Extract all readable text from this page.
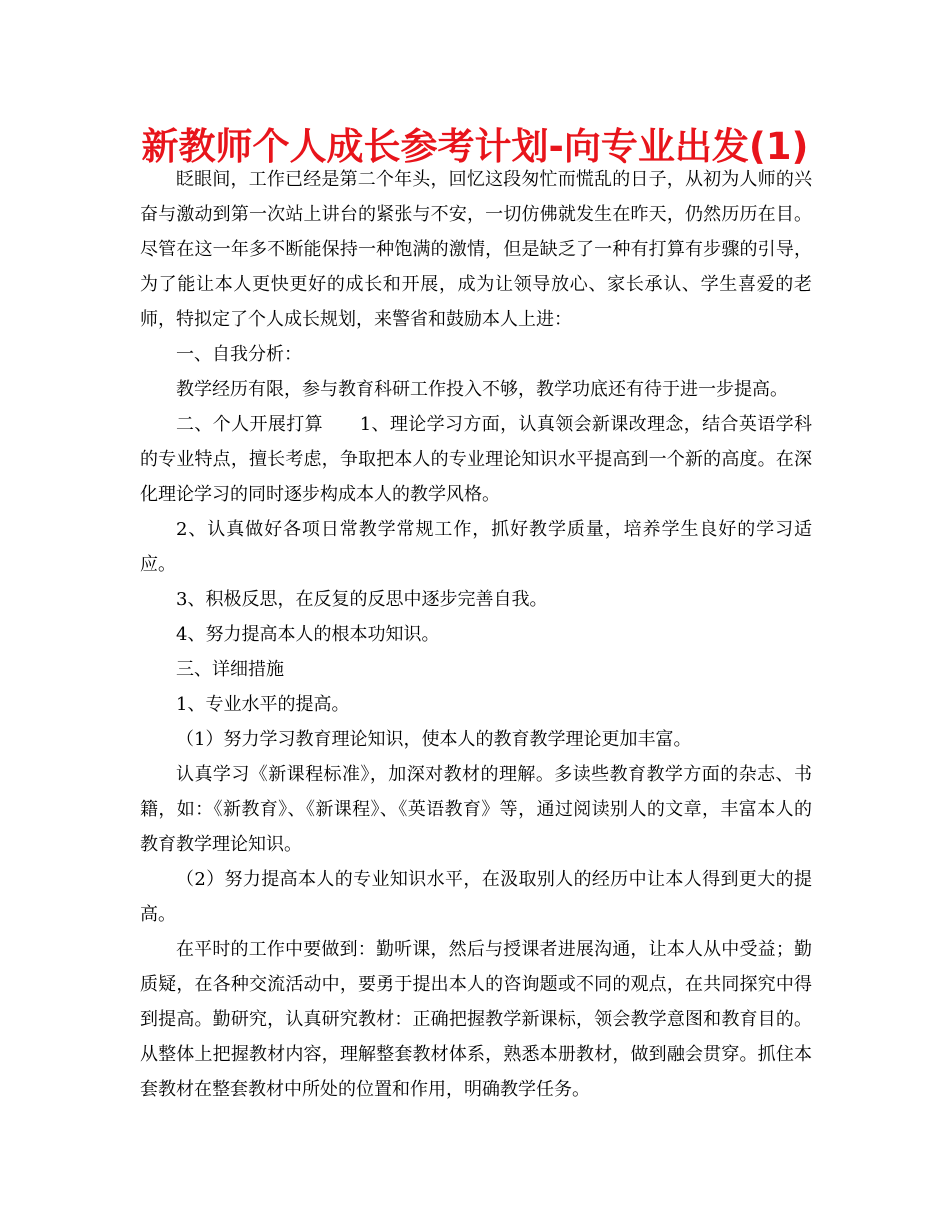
新教师个人成长参考计划-向专业出发(1)

眨眼间，工作已经是第二个年头，回忆这段匆忙而慌乱的日子，从初为人师的兴奋与激动到第一次站上讲台的紧张与不安，一切仿佛就发生在昨天，仍然历历在目。尽管在这一年多不断能保持一种饱满的激情，但是缺乏了一种有打算有步骤的引导，为了能让本人更快更好的成长和开展，成为让领导放心、家长承认、学生喜爱的老师，特拟定了个人成长规划，来警省和鼓励本人上进：

一、自我分析：

教学经历有限，参与教育科研工作投入不够，教学功底还有待于进一步提高。

二、个人开展打算　　1、理论学习方面，认真领会新课改理念，结合英语学科的专业特点，擅长考虑，争取把本人的专业理论知识水平提高到一个新的高度。在深化理论学习的同时逐步构成本人的教学风格。

2、认真做好各项日常教学常规工作，抓好教学质量，培养学生良好的学习适应。

3、积极反思，在反复的反思中逐步完善自我。

4、努力提高本人的根本功知识。

三、详细措施

1、专业水平的提高。

（1）努力学习教育理论知识，使本人的教育教学理论更加丰富。

认真学习《新课程标准》，加深对教材的理解。多读些教育教学方面的杂志、书籍，如：《新教育》、《新课程》、《英语教育》等，通过阅读别人的文章，丰富本人的教育教学理论知识。

（2）努力提高本人的专业知识水平，在汲取别人的经历中让本人得到更大的提高。

在平时的工作中要做到：勤听课，然后与授课者进展沟通，让本人从中受益；勤质疑，在各种交流活动中，要勇于提出本人的咨询题或不同的观点，在共同探究中得到提高。勤研究，认真研究教材：正确把握教学新课标，领会教学意图和教育目的。从整体上把握教材内容，理解整套教材体系，熟悉本册教材，做到融会贯穿。抓住本套教材在整套教材中所处的位置和作用，明确教学任务。
